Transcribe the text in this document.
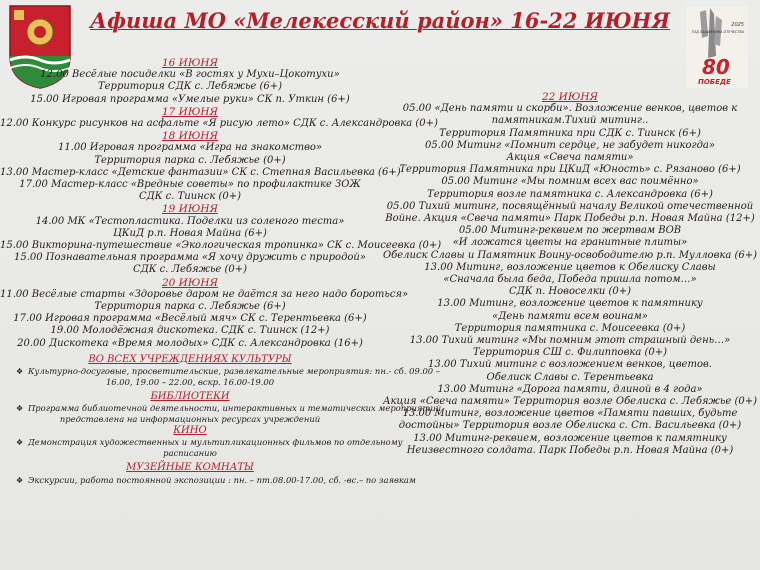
Афиша МО «Мелекесский район» 16-22 ИЮНЯ	2025
ГОД ЗАЩИТНИКА ОТЕЧЕСТВА
80
ПОБЕДЕ
16 ИЮНЯ
12.00 Весёлые посиделки «В гостях у Мухи–Цокотухи»
Территория СДК с. Лебяжье (6+)
15.00 Игровая программа «Умелые руки» СК п. Уткин (6+)
17 ИЮНЯ
12.00 Конкурс рисунков на асфальте «Я рисую лето» СДК с. Александровка (0+)
18 ИЮНЯ
11.00 Игровая программа «Игра на знакомство»
Территория парка с. Лебяжье (0+)
13.00 Мастер-класс «Детские фантазии» СК с. Степная Васильевка (6+)
17.00 Мастер-класс «Вредные советы» по профилактике ЗОЖ
СДК с. Тиинск (0+)
19 ИЮНЯ
14.00 МК «Тестопластика. Поделки из соленого теста»
ЦКиД р.п. Новая Майна (6+)
15.00 Викторина-путешествие «Экологическая тропинка» СК с. Моисеевка (0+)
15.00 Познавательная программа «Я хочу дружить с природой»
СДК с. Лебяжье (0+)
20 ИЮНЯ
11.00 Весёлые старты «Здоровье даром не даётся за него надо бороться»
Территория парка с. Лебяжье (6+)
17.00 Игровая программа «Весёлый мяч» СК с. Терентьевка (6+)
19.00 Молодёжная дискотека. СДК с. Тиинск (12+)
20.00 Дискотека «Время молодых» СДК с. Александровка (16+)
ВО ВСЕХ УЧРЕЖДЕНИЯХ КУЛЬТУРЫ
❖ Культурно-досуговые, просветительские, развлекательные мероприятия: пн.- сб. 09.00 –
16.00, 19.00 – 22.00, вскр. 16.00-19.00
БИБЛИОТЕКИ
❖ Программа библиотечной деятельности, интерактивных и тематических мероприятий
представлена на информационных ресурсах учреждений
КИНО
❖ Демонстрация художественных и мультипликационных фильмов по отдельному
расписанию
МУЗЕЙНЫЕ КОМНАТЫ
❖ Экскурсии, работа постоянной экспозиции : пн. – пт.08.00-17.00, сб. -вс.– по заявкам
22 ИЮНЯ
05.00 «День памяти и скорби». Возложение венков, цветов к
памятникам.Тихий митинг..
Территория Памятника при СДК с. Тиинск (6+)
05.00 Митинг «Помнит сердце, не забудет никогда»
Акция «Свеча памяти»
Территория Памятника при ЦКиД «Юность» с. Рязаново (6+)
05.00 Митинг «Мы помним всех вас поимённо»
Территория возле памятника с. Александровка (6+)
05.00 Тихий митинг, посвящённый началу Великой отечественной
Войне. Акция «Свеча памяти» Парк Победы р.п. Новая Майна (12+)
05.00 Митинг-реквием по жертвам ВОВ
«И ложатся цветы на гранитные плиты»
Обелиск Славы и Памятник Воину-освободителю р.п. Мулловка (6+)
13.00 Митинг, возложение цветов к Обелиску Славы
«Сначала была беда, Победа пришла потом…»
СДК п. Новоселки (0+)
13.00 Митинг, возложение цветов к памятнику
«День памяти всем воинам»
Территория памятника с. Моисеевка (0+)
13.00 Тихий митинг «Мы помним этот страшный день…»
Территория СШ с. Филипповка (0+)
13.00 Тихий митинг с возложением венков, цветов.
Обелиск Славы с. Терентьевка
13.00 Митинг «Дорога памяти, длиной в 4 года»
Акция «Свеча памяти» Территория возле Обелиска с. Лебяжье (0+)
13.00 Митинг, возложение цветов «Памяти павших, будьте
достойны» Территория возле Обелиска с. Ст. Васильевка (0+)
13.00 Митинг-реквием, возложение цветов к памятнику
Неизвестного солдата. Парк Победы р.п. Новая Майна (0+)
